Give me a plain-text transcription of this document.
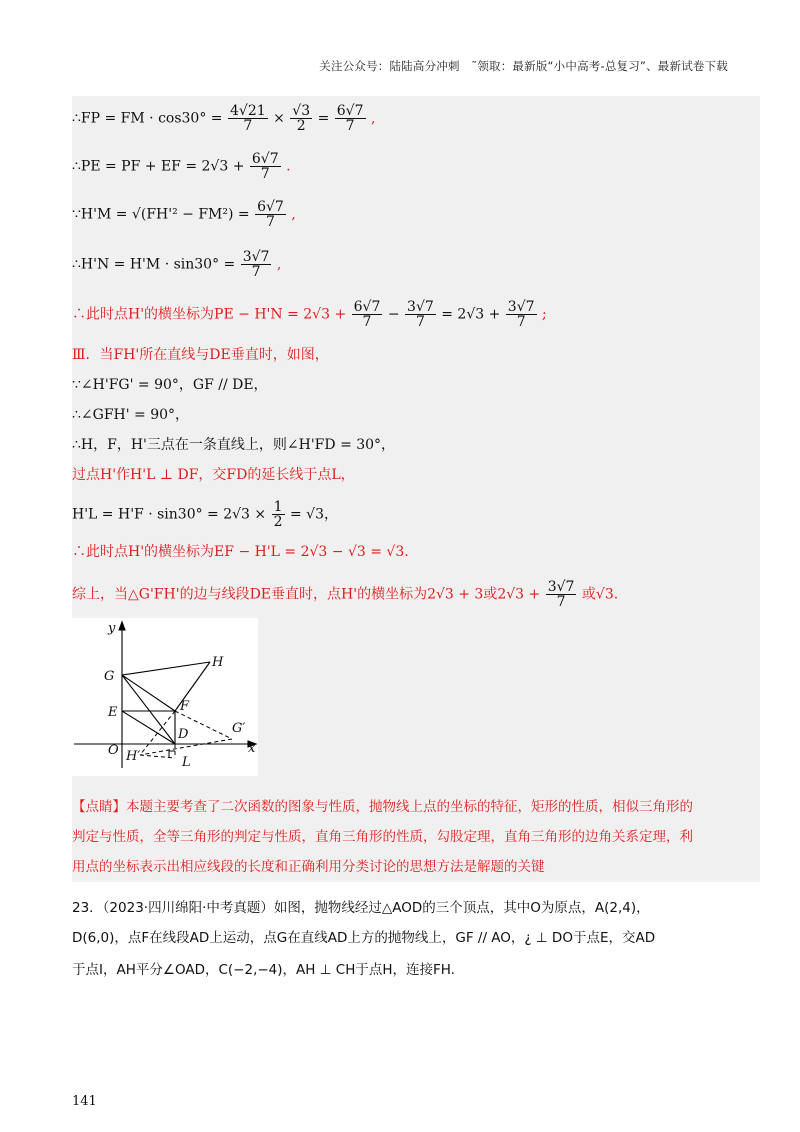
关注公众号：陆陆高分冲刺　˜领取：最新版“小中高考-总复习”、最新试卷下载
∴FP = FM · $\cos 30^\circ = \frac{4√21}{7} \times \frac{√3}{2} = \frac{6√7}{7}$ ,
∴PE = PF + EF = $2√3 + \frac{6√7}{7}$ .
∵H'M = $√(FH'^2 - FM^2) = \frac{6√7}{7}$ ,
∴H'N = $H'M \cdot \sin 30^\circ = \frac{3√7}{7}$ ,
∴此时点H'的横坐标为PE − $H'N = 2√3 + \frac{6√7}{7} - \frac{3√7}{7} = 2√3 + \frac{3√7}{7}$ ;
Ⅲ．当FH'所在直线与DE垂直时，如图，
∵∠H'FG' = 90°，GF // DE，
∴∠GFH' = 90°，
∴H，F，H'三点在一条直线上，则∠H'FD = 30°，
过点H'作H'L ⊥ DF，交FD的延长线于点L，
$H'L = H'F \cdot \sin 30^\circ = 2√3 \times \frac{1}{2} = √3$，
∴此时点H'的横坐标为EF − H'L = 2√3 − √3 = √3.
综上，当△G'FH'的边与线段DE垂直时，点H'的横坐标为2√3 + 3或$2√3 + \frac{3√7}{7}$ 或√3.
y
x
G
H
E	F
D	G′
O H′	L
【点睛】本题主要考查了二次函数的图象与性质，抛物线上点的坐标的特征，矩形的性质，相似三角形的
判定与性质，全等三角形的判定与性质，直角三角形的性质，勾股定理，直角三角形的边角关系定理，利
用点的坐标表示出相应线段的长度和正确利用分类讨论的思想方法是解题的关键
23．（2023·四川绵阳·中考真题）如图，抛物线经过△AOD的三个顶点，其中O为原点，A(2,4)，
D(6,0)，点F在线段AD上运动，点G在直线AD上方的抛物线上，GF // AO，¿ ⊥ DO于点E，交AD
于点I，AH平分∠OAD，C(−2,−4)，AH ⊥ CH于点H，连接FH.
141
